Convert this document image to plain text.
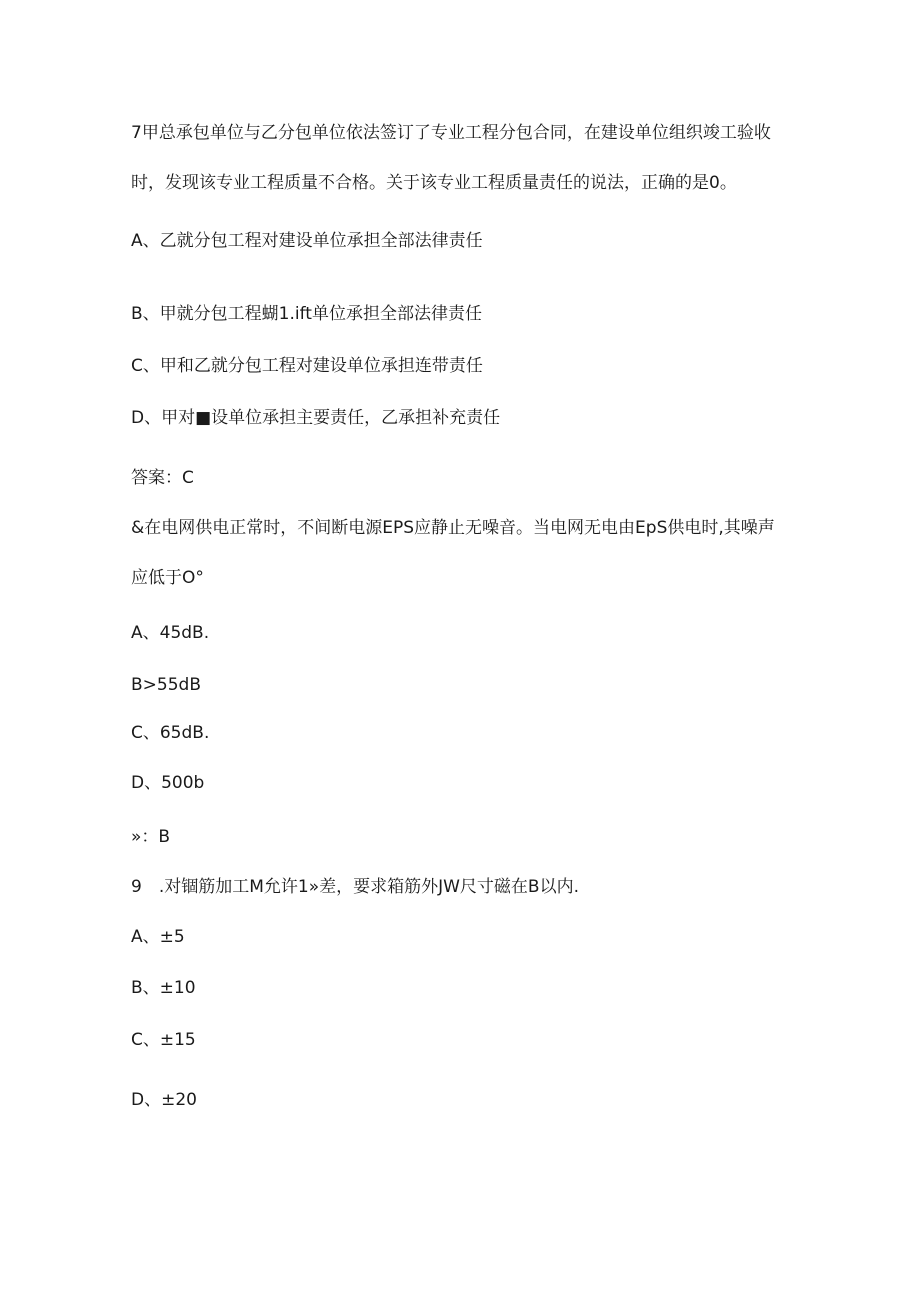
7甲总承包单位与乙分包单位依法签订了专业工程分包合同，在建设单位组织竣工验收
时，发现该专业工程质量不合格。关于该专业工程质量责任的说法，正确的是0。
A、乙就分包工程对建设单位承担全部法律责任
B、甲就分包工程蝴1.ift单位承担全部法律责任
C、甲和乙就分包工程对建设单位承担连带责任
D、甲对■设单位承担主要责任，乙承担补充责任
答案：C
&在电网供电正常时，不间断电源EPS应静止无噪音。当电网无电由EpS供电时,其噪声
应低于O°
A、45dB.
B>55dB
C、65dB.
D、500b
»：B
9　.对锢筋加工M允许1»差，要求箱筋外JW尺寸磁在B以内.
A、±5
B、±10
C、±15
D、±20
